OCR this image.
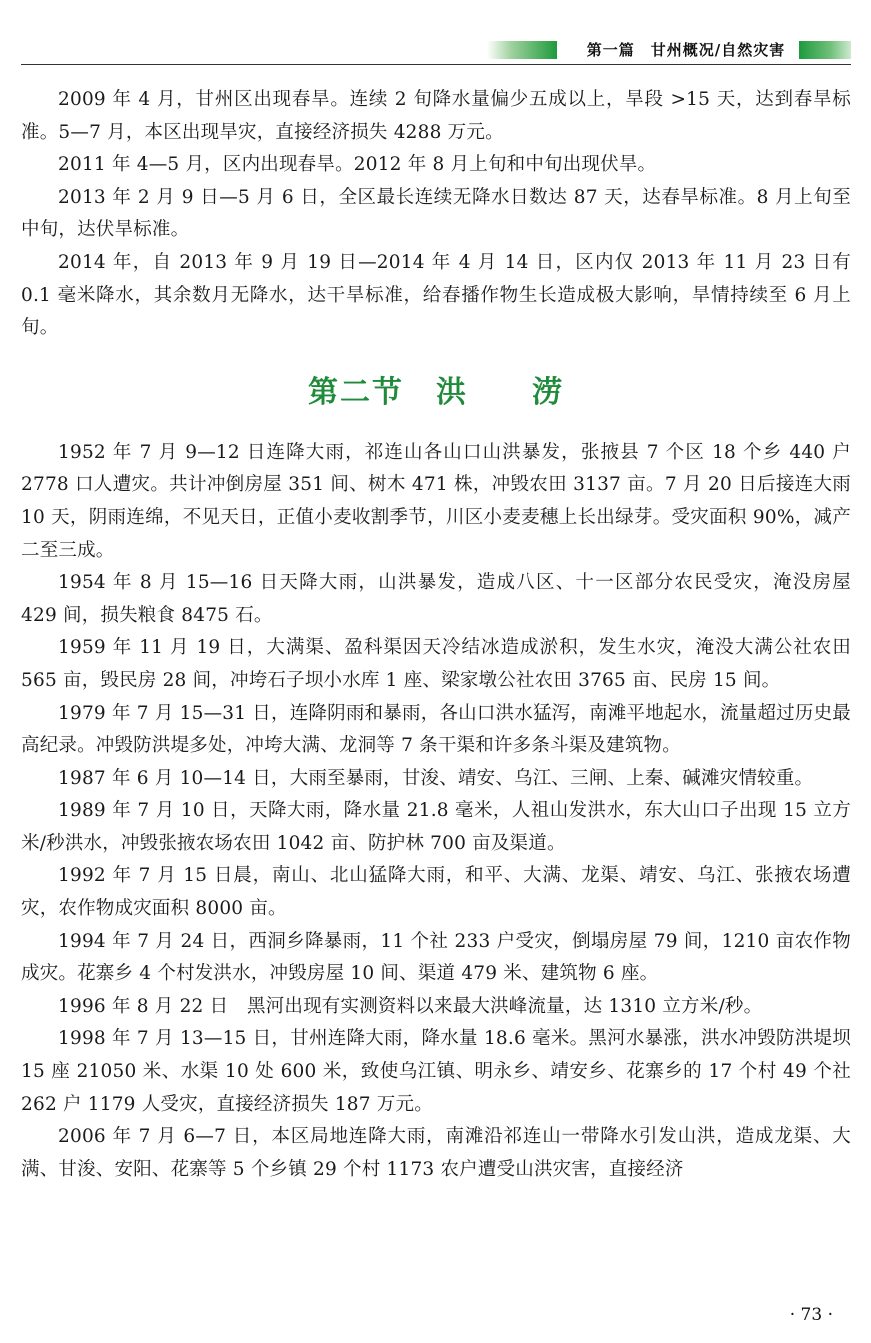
第一篇　甘州概况/自然灾害

2009 年 4 月，甘州区出现春旱。连续 2 旬降水量偏少五成以上，旱段 >15 天，达到春旱标准。5—7 月，本区出现旱灾，直接经济损失 4288 万元。

2011 年 4—5 月，区内出现春旱。2012 年 8 月上旬和中旬出现伏旱。

2013 年 2 月 9 日—5 月 6 日，全区最长连续无降水日数达 87 天，达春旱标准。8 月上旬至中旬，达伏旱标准。

2014 年，自 2013 年 9 月 19 日—2014 年 4 月 14 日，区内仅 2013 年 11 月 23 日有 0.1 毫米降水，其余数月无降水，达干旱标准，给春播作物生长造成极大影响，旱情持续至 6 月上旬。

第二节　洪　　涝

1952 年 7 月 9—12 日连降大雨，祁连山各山口山洪暴发，张掖县 7 个区 18 个乡 440 户 2778 口人遭灾。共计冲倒房屋 351 间、树木 471 株，冲毁农田 3137 亩。7 月 20 日后接连大雨 10 天，阴雨连绵，不见天日，正值小麦收割季节，川区小麦麦穗上长出绿芽。受灾面积 90%，减产二至三成。

1954 年 8 月 15—16 日天降大雨，山洪暴发，造成八区、十一区部分农民受灾，淹没房屋 429 间，损失粮食 8475 石。

1959 年 11 月 19 日，大满渠、盈科渠因天冷结冰造成淤积，发生水灾，淹没大满公社农田 565 亩，毁民房 28 间，冲垮石子坝小水库 1 座、梁家墩公社农田 3765 亩、民房 15 间。

1979 年 7 月 15—31 日，连降阴雨和暴雨，各山口洪水猛泻，南滩平地起水，流量超过历史最高纪录。冲毁防洪堤多处，冲垮大满、龙洞等 7 条干渠和许多条斗渠及建筑物。

1987 年 6 月 10—14 日，大雨至暴雨，甘浚、靖安、乌江、三闸、上秦、碱滩灾情较重。

1989 年 7 月 10 日，天降大雨，降水量 21.8 毫米，人祖山发洪水，东大山口子出现 15 立方米/秒洪水，冲毁张掖农场农田 1042 亩、防护林 700 亩及渠道。

1992 年 7 月 15 日晨，南山、北山猛降大雨，和平、大满、龙渠、靖安、乌江、张掖农场遭灾，农作物成灾面积 8000 亩。

1994 年 7 月 24 日，西洞乡降暴雨，11 个社 233 户受灾，倒塌房屋 79 间，1210 亩农作物成灾。花寨乡 4 个村发洪水，冲毁房屋 10 间、渠道 479 米、建筑物 6 座。

1996 年 8 月 22 日　黑河出现有实测资料以来最大洪峰流量，达 1310 立方米/秒。

1998 年 7 月 13—15 日，甘州连降大雨，降水量 18.6 毫米。黑河水暴涨，洪水冲毁防洪堤坝 15 座 21050 米、水渠 10 处 600 米，致使乌江镇、明永乡、靖安乡、花寨乡的 17 个村 49 个社 262 户 1179 人受灾，直接经济损失 187 万元。

2006 年 7 月 6—7 日，本区局地连降大雨，南滩沿祁连山一带降水引发山洪，造成龙渠、大满、甘浚、安阳、花寨等 5 个乡镇 29 个村 1173 农户遭受山洪灾害，直接经济

· 73 ·
